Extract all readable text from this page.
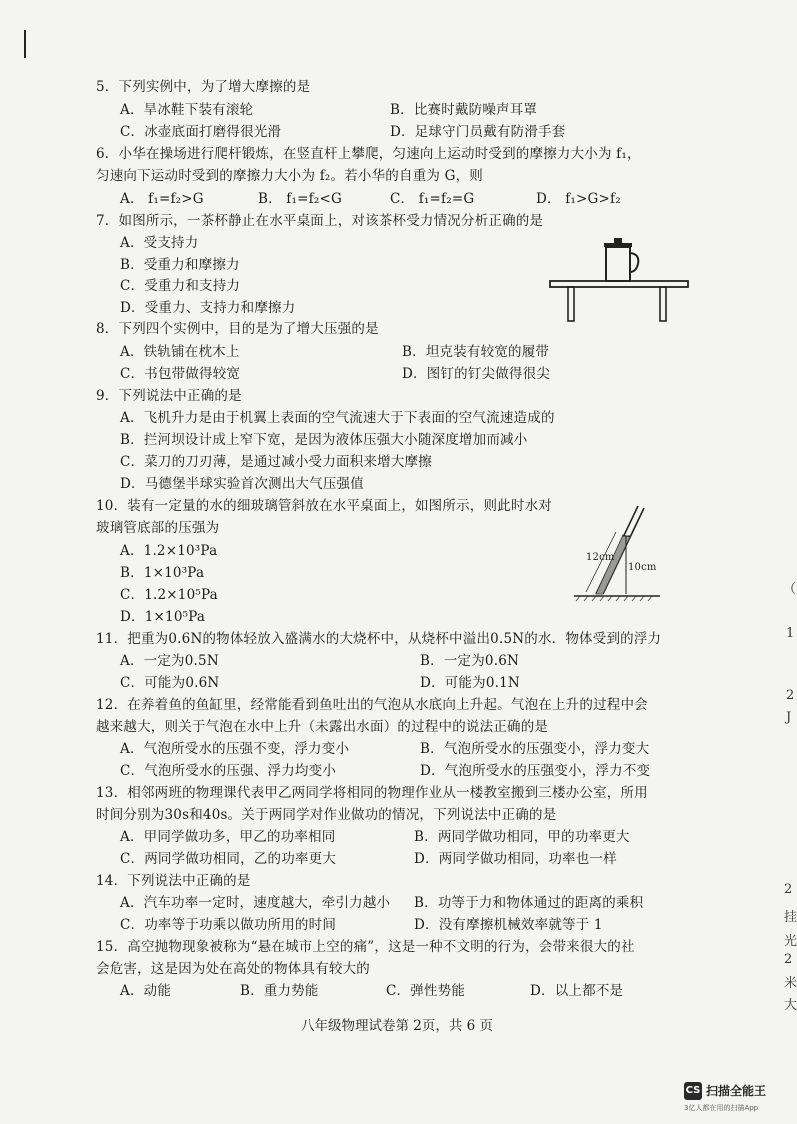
5．下列实例中，为了增大摩擦的是
A．旱冰鞋下装有滚轮	B．比赛时戴防噪声耳罩
C．冰壶底面打磨得很光滑	D．足球守门员戴有防滑手套
6．小华在操场进行爬杆锻炼，在竖直杆上攀爬，匀速向上运动时受到的摩擦力大小为 f₁，
匀速向下运动时受到的摩擦力大小为 f₂。若小华的自重为 G，则
A． f₁=f₂>G	B． f₁=f₂<G	C． f₁=f₂=G	D． f₁>G>f₂
7．如图所示，一茶杯静止在水平桌面上，对该茶杯受力情况分析正确的是
A．受支持力
B．受重力和摩擦力
C．受重力和支持力
D．受重力、支持力和摩擦力
8．下列四个实例中，目的是为了增大压强的是
A．铁轨铺在枕木上	B．坦克装有较宽的履带
C．书包带做得较宽	D．图钉的钉尖做得很尖
9．下列说法中正确的是
A．飞机升力是由于机翼上表面的空气流速大于下表面的空气流速造成的
B．拦河坝设计成上窄下宽，是因为液体压强大小随深度增加而减小
C．菜刀的刀刃薄，是通过减小受力面积来增大摩擦
D．马德堡半球实验首次测出大气压强值
10．装有一定量的水的细玻璃管斜放在水平桌面上，如图所示，则此时水对
玻璃管底部的压强为
A．1.2×10³Pa
B．1×10³Pa
C．1.2×10⁵Pa
D．1×10⁵Pa
12cm
10cm
11．把重为0.6N的物体轻放入盛满水的大烧杯中，从烧杯中溢出0.5N的水．物体受到的浮力
A．一定为0.5N	B．一定为0.6N
C．可能为0.6N	D．可能为0.1N
12．在养着鱼的鱼缸里，经常能看到鱼吐出的气泡从水底向上升起。气泡在上升的过程中会
越来越大，则关于气泡在水中上升（未露出水面）的过程中的说法正确的是
A．气泡所受水的压强不变，浮力变小	B．气泡所受水的压强变小，浮力变大
C．气泡所受水的压强、浮力均变小	D．气泡所受水的压强变小，浮力不变
13．相邻两班的物理课代表甲乙两同学将相同的物理作业从一楼教室搬到三楼办公室，所用
时间分别为30s和40s。关于两同学对作业做功的情况，下列说法中正确的是
A．甲同学做功多，甲乙的功率相同	B．两同学做功相同，甲的功率更大
C．两同学做功相同，乙的功率更大	D．两同学做功相同，功率也一样
14．下列说法中正确的是
A．汽车功率一定时，速度越大，牵引力越小 B．功等于力和物体通过的距离的乘积
C．功率等于功乘以做功所用的时间	D．没有摩擦机械效率就等于 1
15．高空抛物现象被称为“悬在城市上空的痛”，这是一种不文明的行为，会带来很大的社
会危害，这是因为处在高处的物体具有较大的
A．动能	B．重力势能	C．弹性势能	D．以上都不是
（
1
2
J
2
挂
光
2
米
大
八年级物理试卷第 2页，共 6 页
CS 扫描全能王
3亿人都在用的扫描App
